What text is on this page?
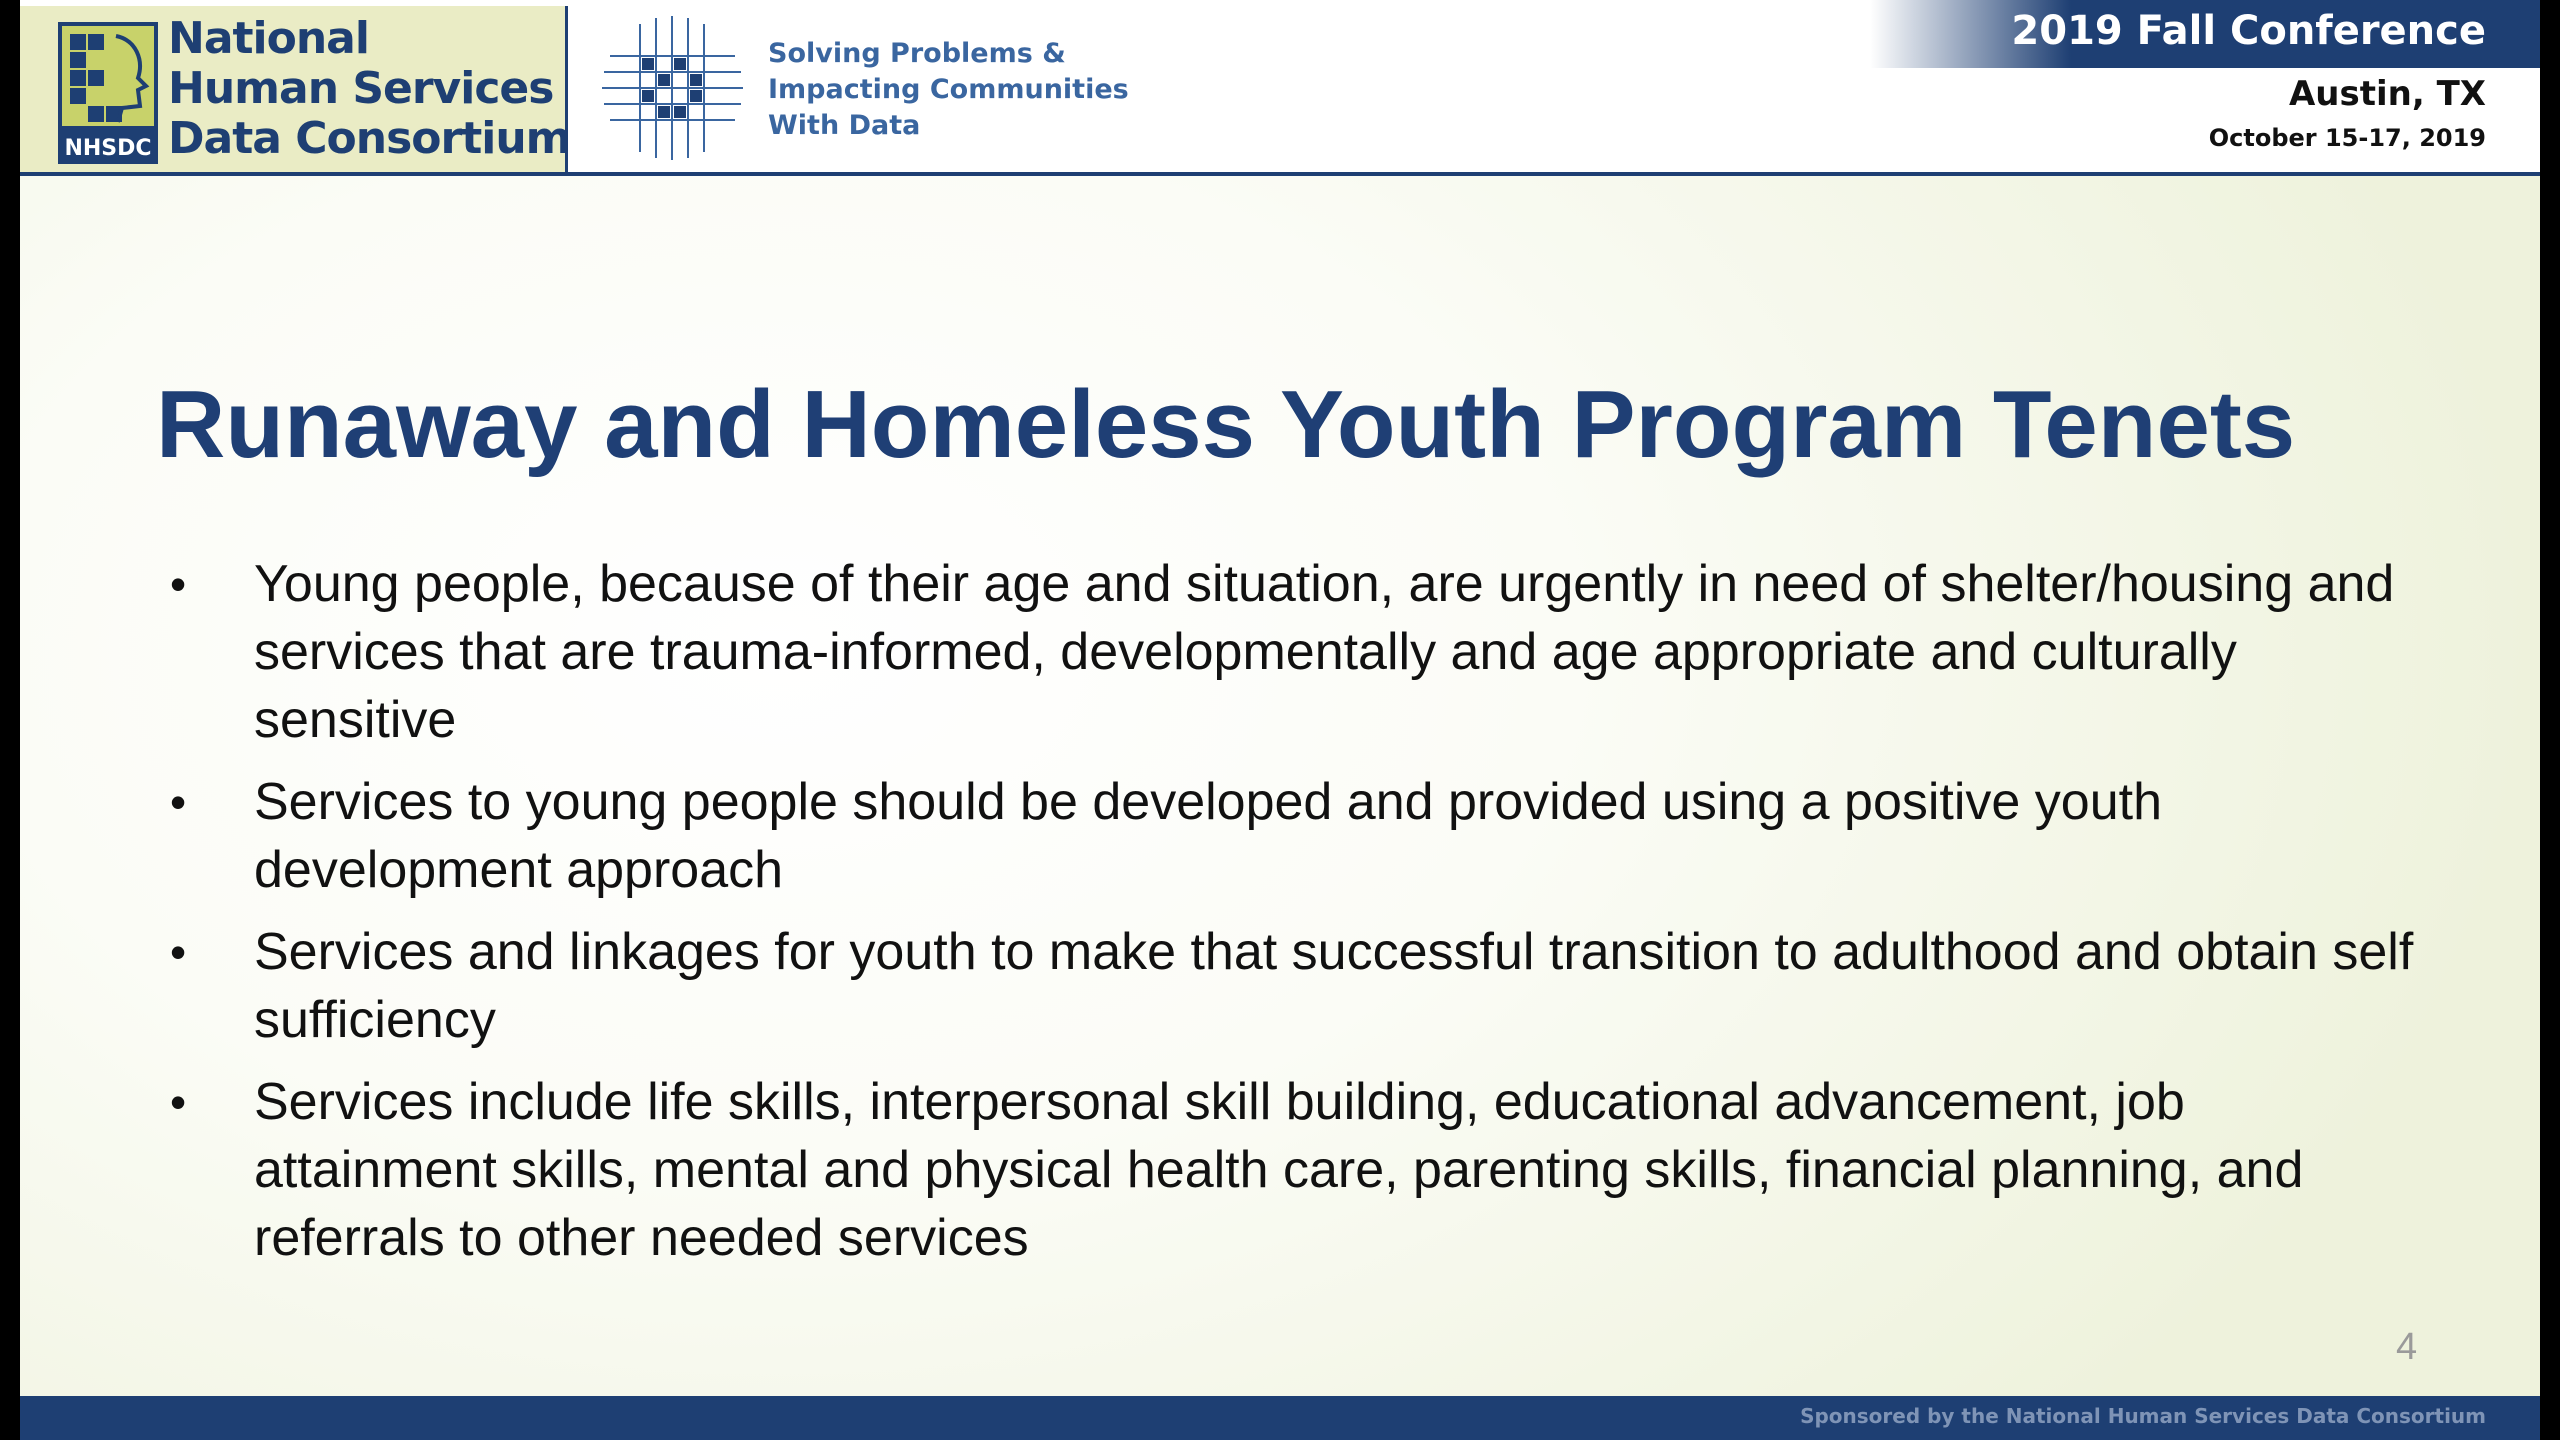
NHSDC
National
Human Services
Data Consortium
Solving Problems &
Impacting Communities
With Data
2019 Fall Conference
Austin, TX
October 15-17, 2019
Runaway and Homeless Youth Program Tenets
• Young people, because of their age and situation, are urgently in need of shelter/housing and services that are trauma-informed, developmentally and age appropriate and culturally sensitive
• Services to young people should be developed and provided using a positive youth development approach
• Services and linkages for youth to make that successful transition to adulthood and obtain self sufficiency
• Services include life skills, interpersonal skill building, educational advancement, job attainment skills, mental and physical health care, parenting skills, financial planning, and referrals to other needed services
4
Sponsored by the National Human Services Data Consortium
